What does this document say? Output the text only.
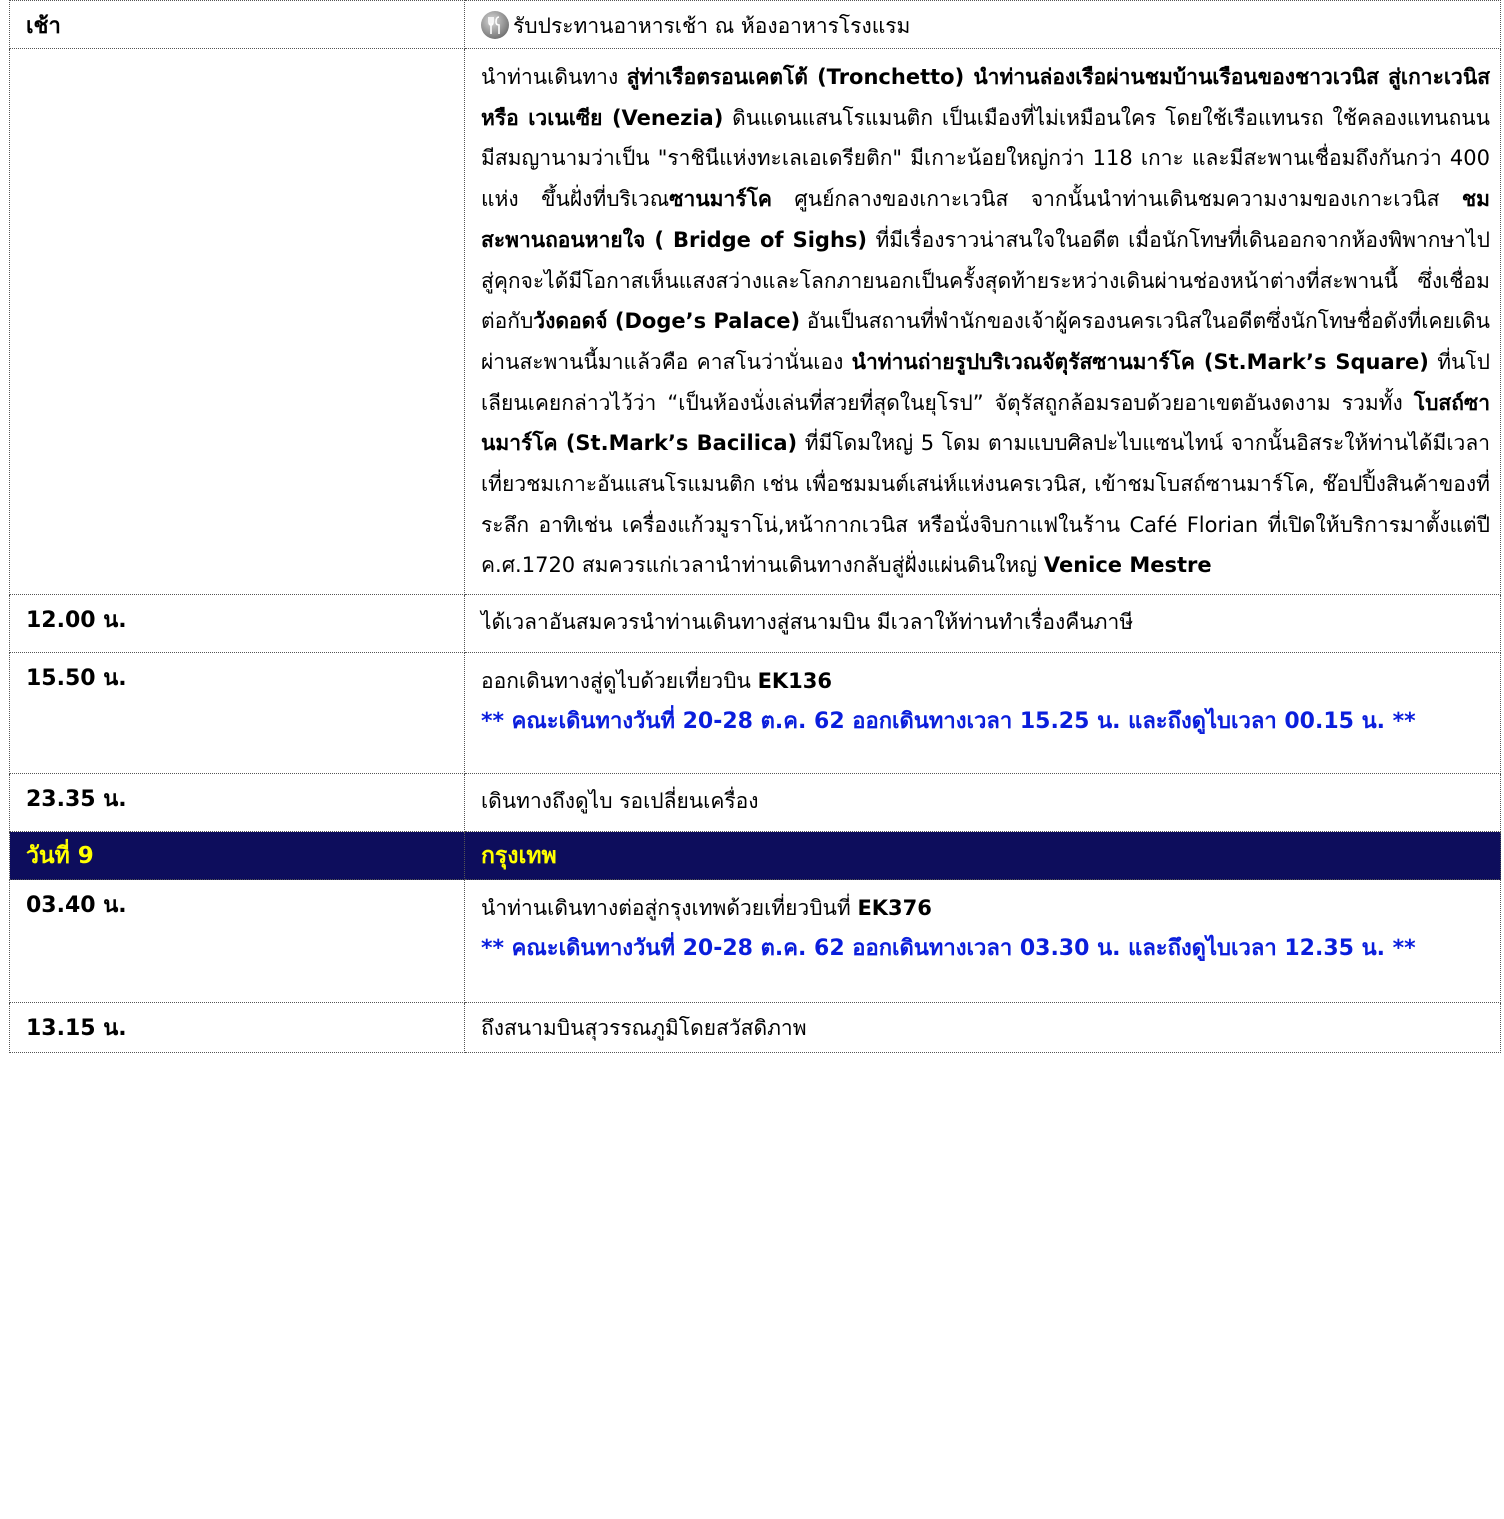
เช้า	รับประทานอาหารเช้า ณ ห้องอาหารโรงแรม
	นำท่านเดินทาง สู่ท่าเรือตรอนเคตโต้ (Tronchetto) นำท่านล่องเรือผ่านชมบ้านเรือนของชาวเวนิส สู่เกาะเวนิส หรือ เวเนเซีย (Venezia) ดินแดนแสนโรแมนติก เป็นเมืองที่ไม่เหมือนใคร โดยใช้เรือแทนรถ ใช้คลองแทนถนน มีสมญานามว่าเป็น "ราชินีแห่งทะเลเอเดรียติก" มีเกาะน้อยใหญ่กว่า 118 เกาะ และมีสะพานเชื่อมถึงกันกว่า 400 แห่ง ขึ้นฝั่งที่บริเวณซานมาร์โค ศูนย์กลางของเกาะเวนิส จากนั้นนำท่านเดินชมความงามของเกาะเวนิส ชมสะพานถอนหายใจ ( Bridge of Sighs) ที่มีเรื่องราวน่าสนใจในอดีต เมื่อนักโทษที่เดินออกจากห้องพิพากษาไปสู่คุกจะได้มีโอกาสเห็นแสงสว่างและโลกภายนอกเป็นครั้งสุดท้ายระหว่างเดินผ่านช่องหน้าต่างที่สะพานนี้ ซึ่งเชื่อมต่อกับวังดอดจ์ (Doge’s Palace) อันเป็นสถานที่พำนักของเจ้าผู้ครองนครเวนิสในอดีตซึ่งนักโทษชื่อดังที่เคยเดินผ่านสะพานนี้มาแล้วคือ คาสโนว่านั่นเอง นำท่านถ่ายรูปบริเวณจัตุรัสซานมาร์โค (St.Mark’s Square) ที่นโปเลียนเคยกล่าวไว้ว่า “เป็นห้องนั่งเล่นที่สวยที่สุดในยุโรป” จัตุรัสถูกล้อมรอบด้วยอาเขตอันงดงาม รวมทั้ง โบสถ์ซานมาร์โค (St.Mark’s Bacilica) ที่มีโดมใหญ่ 5 โดม ตามแบบศิลปะไบแซนไทน์ จากนั้นอิสระให้ท่านได้มีเวลาเที่ยวชมเกาะอันแสนโรแมนติก เช่น เพื่อชมมนต์เสน่ห์แห่งนครเวนิส, เข้าชมโบสถ์ซานมาร์โค, ช๊อปปิ้งสินค้าของที่ระลึก อาทิเช่น เครื่องแก้วมูราโน่,หน้ากากเวนิส หรือนั่งจิบกาแฟในร้าน Café Florian ที่เปิดให้บริการมาตั้งแต่ปี ค.ศ.1720 สมควรแก่เวลานำท่านเดินทางกลับสู่ฝั่งแผ่นดินใหญ่ Venice Mestre
12.00 น.	ได้เวลาอันสมควรนำท่านเดินทางสู่สนามบิน มีเวลาให้ท่านทำเรื่องคืนภาษี
15.50 น.	ออกเดินทางสู่ดูไบด้วยเที่ยวบิน EK136
** คณะเดินทางวันที่ 20-28 ต.ค. 62 ออกเดินทางเวลา 15.25 น. และถึงดูไบเวลา 00.15 น. **
23.35 น.	เดินทางถึงดูไบ รอเปลี่ยนเครื่อง
วันที่ 9	กรุงเทพ
03.40 น.	นำท่านเดินทางต่อสู่กรุงเทพด้วยเที่ยวบินที่ EK376
** คณะเดินทางวันที่ 20-28 ต.ค. 62 ออกเดินทางเวลา 03.30 น. และถึงดูไบเวลา 12.35 น. **
13.15 น.	ถึงสนามบินสุวรรณภูมิโดยสวัสดิภาพ
